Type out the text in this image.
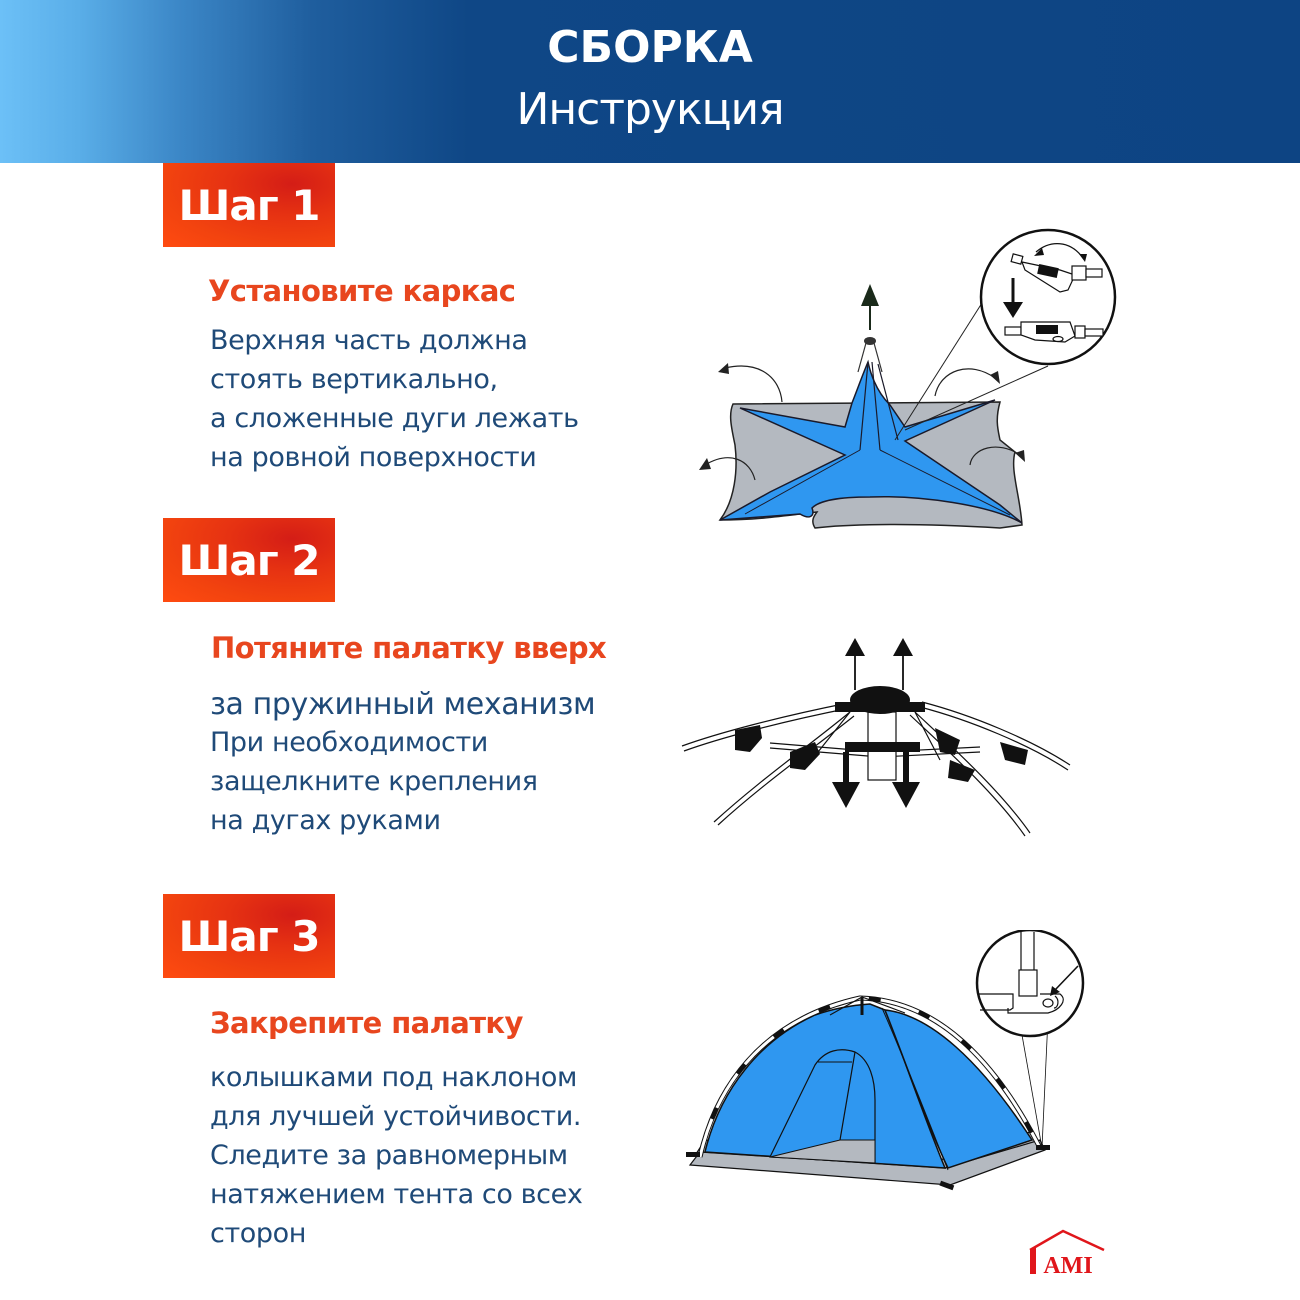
СБОРКА
Инструкция
Шаг 1
Установите каркас
Верхняя часть должна
стоять вертикально,
а сложенные дуги лежать
на ровной поверхности
Шаг 2
Потяните палатку вверх
за пружинный механизм
При необходимости
защелкните крепления
на дугах руками
Шаг 3
Закрепите палатку
колышками под наклоном
для лучшей устойчивости.
Следите за равномерным
натяжением тента со всех
сторон
AMI
